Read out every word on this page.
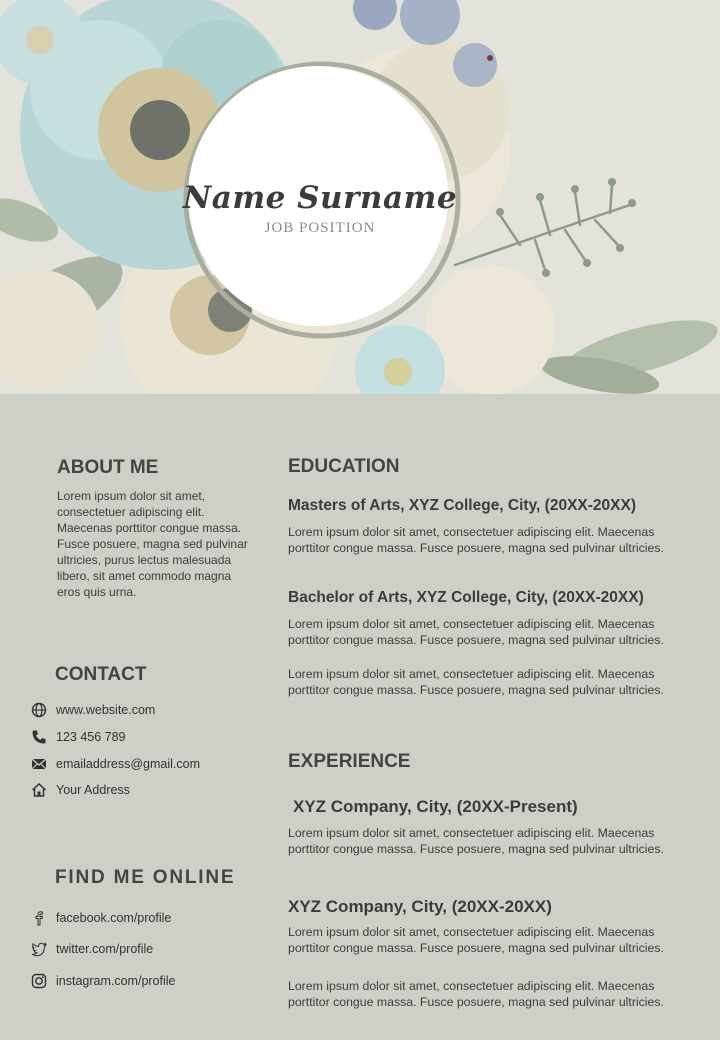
Name Surname
JOB POSITION
ABOUT ME
Lorem ipsum dolor sit amet, consectetuer adipiscing elit. Maecenas porttitor congue massa. Fusce posuere, magna sed pulvinar ultricies, purus lectus malesuada libero, sit amet commodo magna eros quis urna.
CONTACT
www.website.com
123 456 789
emailaddress@gmail.com
Your Address
FIND ME ONLINE
facebook.com/profile
twitter.com/profile
instagram.com/profile
EDUCATION
Masters of Arts, XYZ College, City, (20XX-20XX)
Lorem ipsum dolor sit amet, consectetuer adipiscing elit. Maecenas porttitor congue massa. Fusce posuere, magna sed pulvinar ultricies.
Bachelor of Arts, XYZ College, City, (20XX-20XX)
Lorem ipsum dolor sit amet, consectetuer adipiscing elit. Maecenas porttitor congue massa. Fusce posuere, magna sed pulvinar ultricies.
Lorem ipsum dolor sit amet, consectetuer adipiscing elit. Maecenas porttitor congue massa. Fusce posuere, magna sed pulvinar ultricies.
EXPERIENCE
XYZ Company, City, (20XX-Present)
Lorem ipsum dolor sit amet, consectetuer adipiscing elit. Maecenas porttitor congue massa. Fusce posuere, magna sed pulvinar ultricies.
XYZ Company, City, (20XX-20XX)
Lorem ipsum dolor sit amet, consectetuer adipiscing elit. Maecenas porttitor congue massa. Fusce posuere, magna sed pulvinar ultricies.
Lorem ipsum dolor sit amet, consectetuer adipiscing elit. Maecenas porttitor congue massa. Fusce posuere, magna sed pulvinar ultricies.
